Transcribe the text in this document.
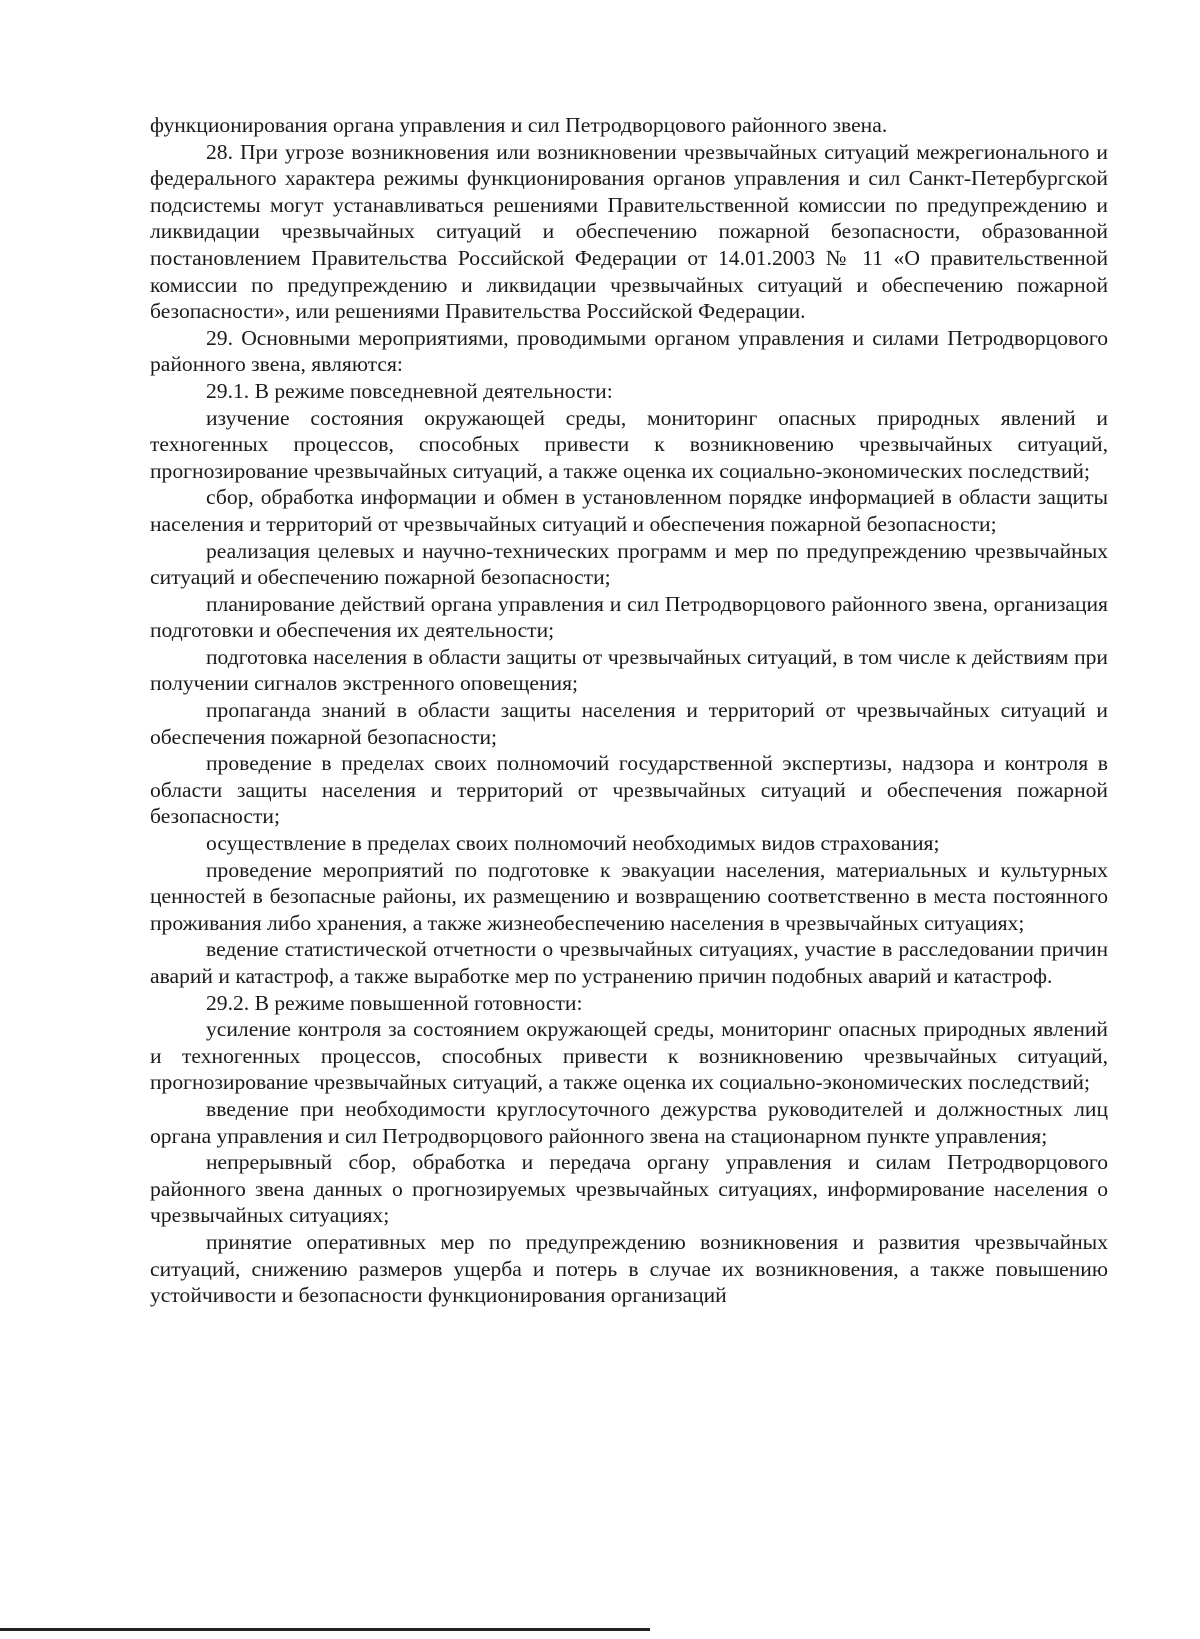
функционирования органа управления и сил Петродворцового районного звена.

28. При угрозе возникновения или возникновении чрезвычайных ситуаций межрегионального и федерального характера режимы функционирования органов управления и сил Санкт-Петербургской подсистемы могут устанавливаться решениями Правительственной комиссии по предупреждению и ликвидации чрезвычайных ситуаций и обеспечению пожарной безопасности, образованной постановлением Правительства Российской Федерации от 14.01.2003 № 11 «О правительственной комиссии по предупреждению и ликвидации чрезвычайных ситуаций и обеспечению пожарной безопасности», или решениями Правительства Российской Федерации.

29. Основными мероприятиями, проводимыми органом управления и силами Петродворцового районного звена, являются:

29.1. В режиме повседневной деятельности:

изучение состояния окружающей среды, мониторинг опасных природных явлений и техногенных процессов, способных привести к возникновению чрезвычайных ситуаций, прогнозирование чрезвычайных ситуаций, а также оценка их социально-экономических последствий;

сбор, обработка информации и обмен в установленном порядке информацией в области защиты населения и территорий от чрезвычайных ситуаций и обеспечения пожарной безопасности;

реализация целевых и научно-технических программ и мер по предупреждению чрезвычайных ситуаций и обеспечению пожарной безопасности;

планирование действий органа управления и сил Петродворцового районного звена, организация подготовки и обеспечения их деятельности;

подготовка населения в области защиты от чрезвычайных ситуаций, в том числе к действиям при получении сигналов экстренного оповещения;

пропаганда знаний в области защиты населения и территорий от чрезвычайных ситуаций и обеспечения пожарной безопасности;

проведение в пределах своих полномочий государственной экспертизы, надзора и контроля в области защиты населения и территорий от чрезвычайных ситуаций и обеспечения пожарной безопасности;

осуществление в пределах своих полномочий необходимых видов страхования;

проведение мероприятий по подготовке к эвакуации населения, материальных и культурных ценностей в безопасные районы, их размещению и возвращению соответственно в места постоянного проживания либо хранения, а также жизнеобеспечению населения в чрезвычайных ситуациях;

ведение статистической отчетности о чрезвычайных ситуациях, участие в расследовании причин аварий и катастроф, а также выработке мер по устранению причин подобных аварий и катастроф.

29.2. В режиме повышенной готовности:

усиление контроля за состоянием окружающей среды, мониторинг опасных природных явлений и техногенных процессов, способных привести к возникновению чрезвычайных ситуаций, прогнозирование чрезвычайных ситуаций, а также оценка их социально-экономических последствий;

введение при необходимости круглосуточного дежурства руководителей и должностных лиц органа управления и сил Петродворцового районного звена на стационарном пункте управления;

непрерывный сбор, обработка и передача органу управления и силам Петродворцового районного звена данных о прогнозируемых чрезвычайных ситуациях, информирование населения о чрезвычайных ситуациях;

принятие оперативных мер по предупреждению возникновения и развития чрезвычайных ситуаций, снижению размеров ущерба и потерь в случае их возникновения, а также повышению устойчивости и безопасности функционирования организаций
